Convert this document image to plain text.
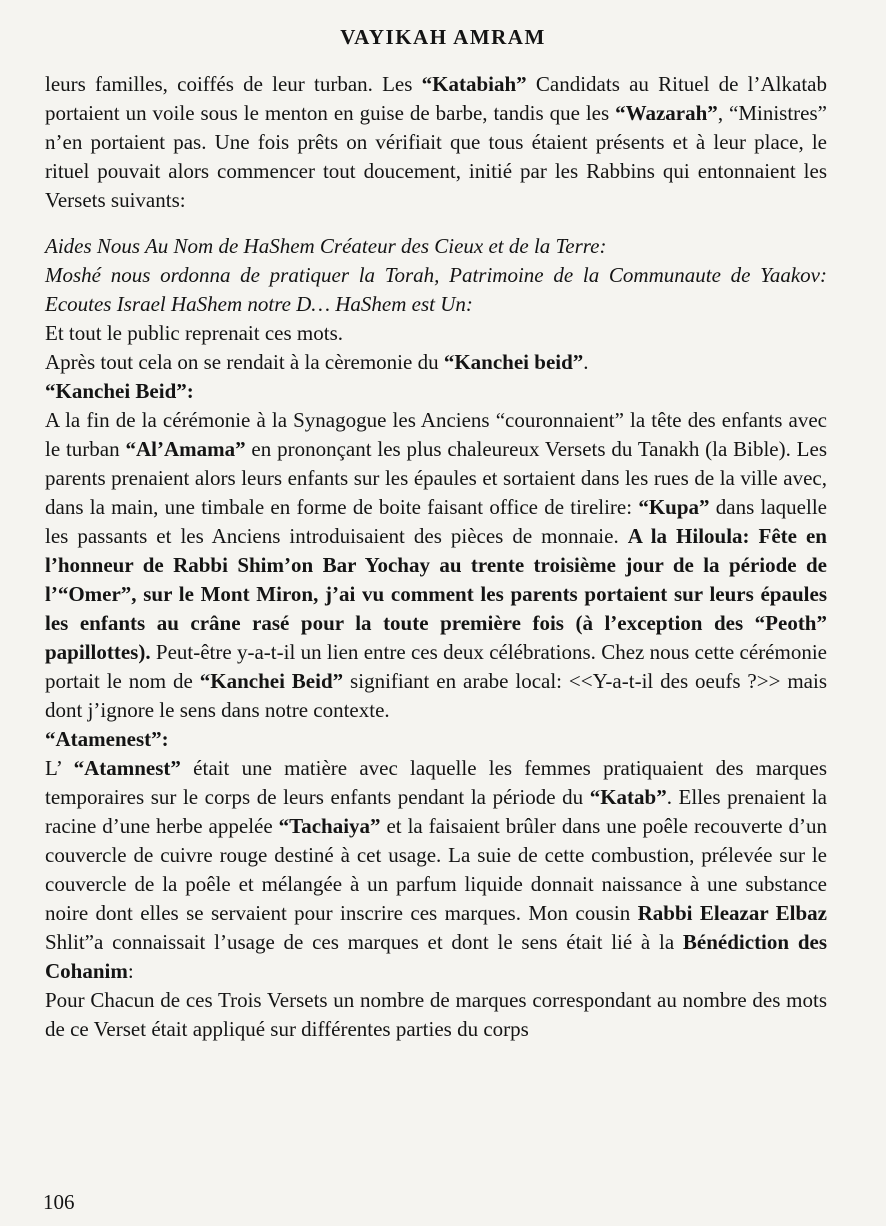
VAYIKAH AMRAM

leurs familles, coiffés de leur turban. Les “Katabiah” Candidats au Rituel de l’Alkatab portaient un voile sous le menton en guise de barbe, tandis que les “Wazarah”, “Ministres” n’en portaient pas. Une fois prêts on vérifiait que tous étaient présents et à leur place, le rituel pouvait alors commencer tout doucement, initié par les Rabbins qui entonnaient les Versets suivants:

Aides Nous Au Nom de HaShem Créateur des Cieux et de la Terre:

Moshé nous ordonna de pratiquer la Torah, Patrimoine de la Communaute de Yaakov: Ecoutes Israel HaShem notre D… HaShem est Un:

Et tout le public reprenait ces mots.

Après tout cela on se rendait à la cèremonie du “Kanchei beid”.

“Kanchei Beid”:

A la fin de la cérémonie à la Synagogue les Anciens “couronnaient” la tête des enfants avec le turban “Al’Amama” en prononçant les plus chaleureux Versets du Tanakh (la Bible). Les parents prenaient alors leurs enfants sur les épaules et sortaient dans les rues de la ville avec, dans la main, une timbale en forme de boite faisant office de tirelire: “Kupa” dans laquelle les passants et les Anciens introduisaient des pièces de monnaie. A la Hiloula: Fête en l’honneur de Rabbi Shim’on Bar Yochay au trente troisième jour de la période de l’“Omer”, sur le Mont Miron, j’ai vu comment les parents portaient sur leurs épaules les enfants au crâne rasé pour la toute première fois (à l’exception des “Peoth” papillottes). Peut-être y-a-t-il un lien entre ces deux célébrations. Chez nous cette cérémonie portait le nom de “Kanchei Beid” signifiant en arabe local: <<Y-a-t-il des oeufs ?>> mais dont j’ignore le sens dans notre contexte.

“Atamenest”:

L’ “Atamnest” était une matière avec laquelle les femmes pratiquaient des marques temporaires sur le corps de leurs enfants pendant la période du “Katab”. Elles prenaient la racine d’une herbe appelée “Tachaiya” et la faisaient brûler dans une poêle recouverte d’un couvercle de cuivre rouge destiné à cet usage. La suie de cette combustion, prélevée sur le couvercle de la poêle et mélangée à un parfum liquide donnait naissance à une substance noire dont elles se servaient pour inscrire ces marques. Mon cousin Rabbi Eleazar Elbaz Shlit”a connaissait l’usage de ces marques et dont le sens était lié à la Bénédiction des Cohanim:

Pour Chacun de ces Trois Versets un nombre de marques correspondant au nombre des mots de ce Verset était appliqué sur différentes parties du corps

106
